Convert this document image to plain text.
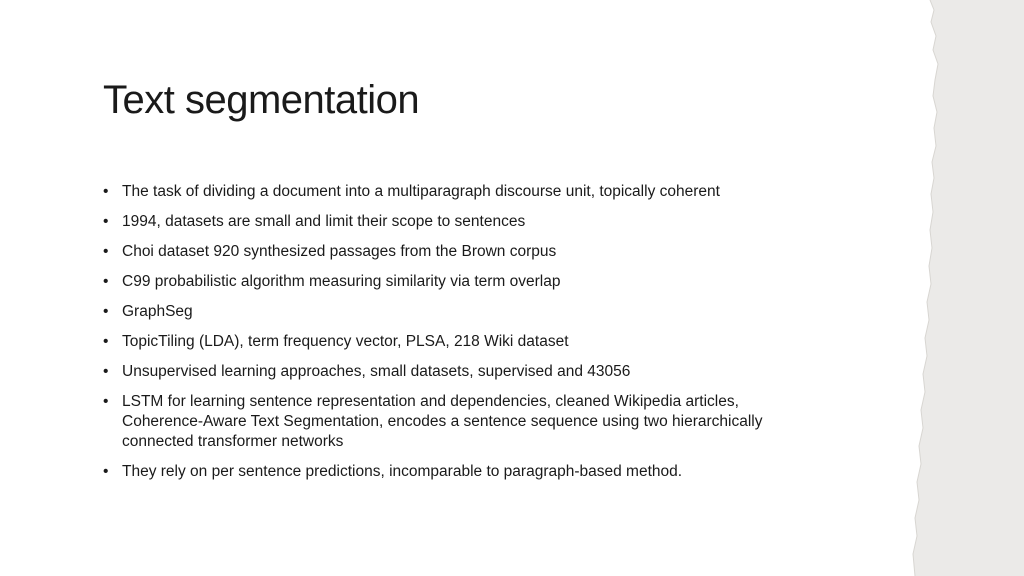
Text segmentation
• The task of dividing a document into a multiparagraph discourse unit, topically coherent
• 1994, datasets are small and limit their scope to sentences
• Choi dataset 920 synthesized passages from the Brown corpus
• C99 probabilistic algorithm measuring similarity via term overlap
• GraphSeg
• TopicTiling (LDA), term frequency vector, PLSA, 218 Wiki dataset
• Unsupervised learning approaches, small datasets, supervised and 43056
• LSTM for learning sentence representation and dependencies, cleaned Wikipedia articles, Coherence-Aware Text Segmentation, encodes a sentence sequence using two hierarchically connected transformer networks
• They rely on per sentence predictions, incomparable to paragraph-based method.
